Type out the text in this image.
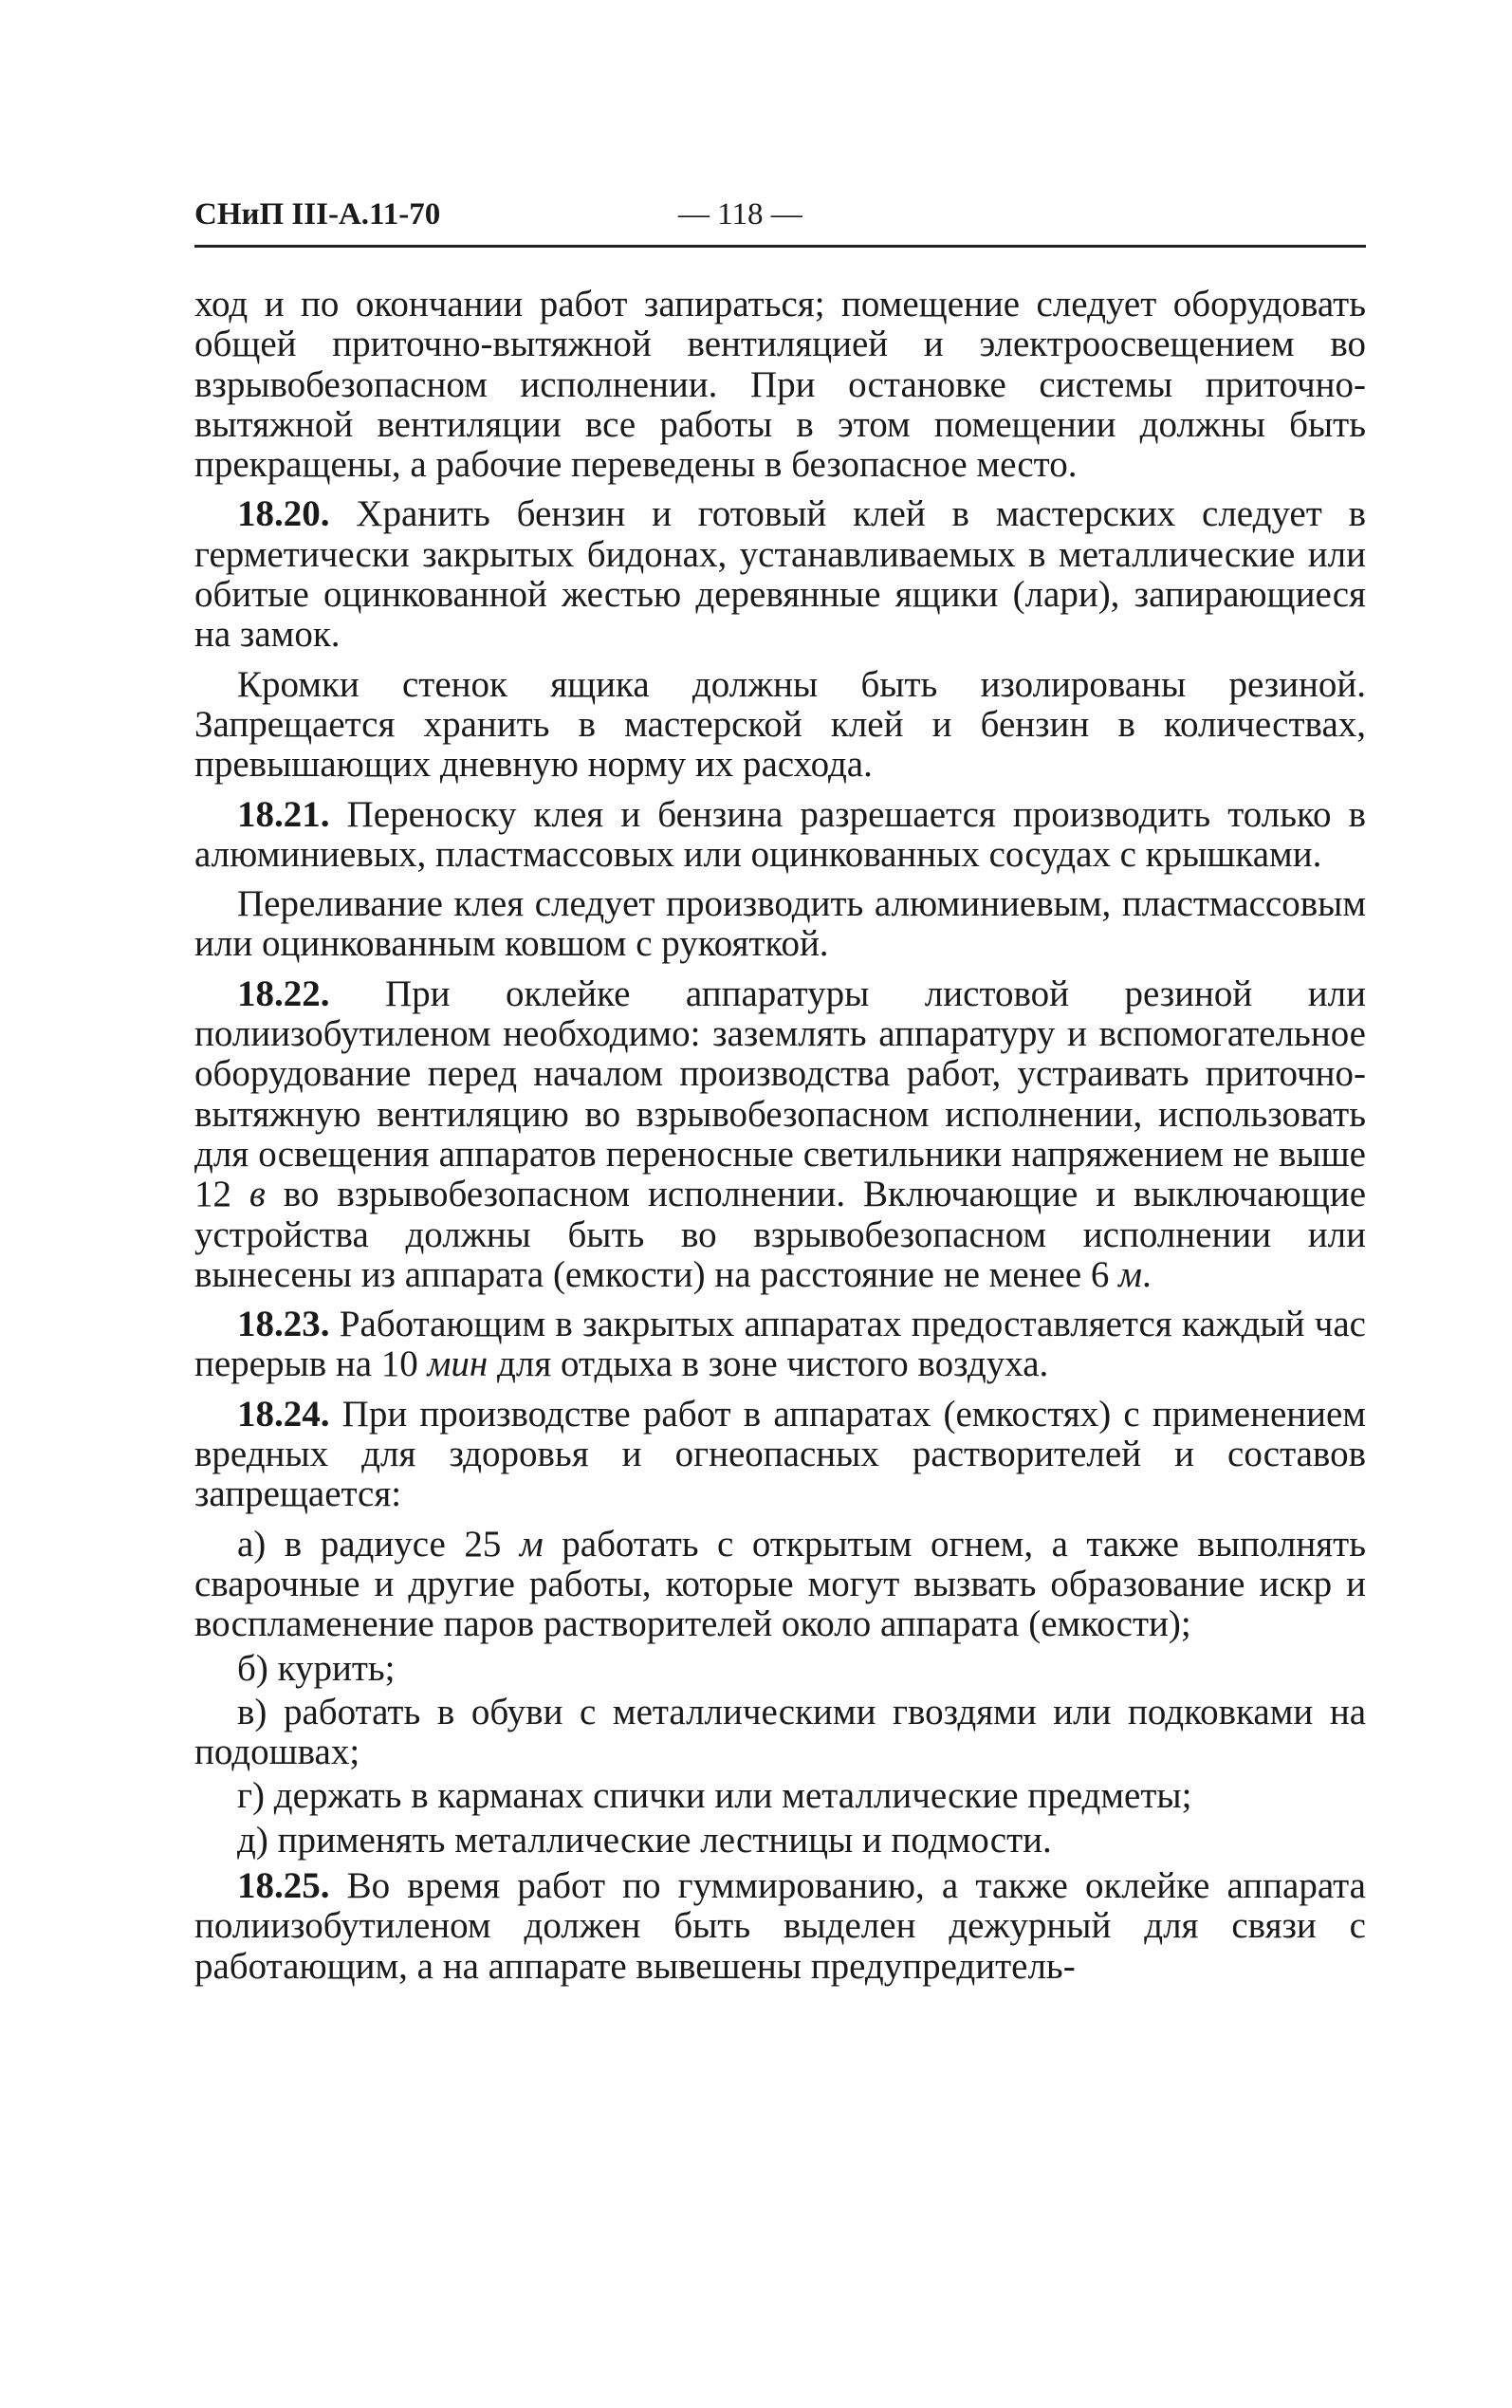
СНиП III-А.11-70	— 118 —

ход и по окончании работ запираться; помещение следует оборудовать общей приточно-вытяжной вентиляцией и электроосвещением во взрывобезопасном исполнении. При остановке системы приточно-вытяжной вентиляции все работы в этом помещении должны быть прекращены, а рабочие переведены в безопасное место.

18.20. Хранить бензин и готовый клей в мастерских следует в герметически закрытых бидонах, устанавливаемых в металлические или обитые оцинкованной жестью деревянные ящики (лари), запирающиеся на замок.

Кромки стенок ящика должны быть изолированы резиной. Запрещается хранить в мастерской клей и бензин в количествах, превышающих дневную норму их расхода.

18.21. Переноску клея и бензина разрешается производить только в алюминиевых, пластмассовых или оцинкованных сосудах с крышками.

Переливание клея следует производить алюминиевым, пластмассовым или оцинкованным ковшом с рукояткой.

18.22. При оклейке аппаратуры листовой резиной или полиизобутиленом необходимо: заземлять аппаратуру и вспомогательное оборудование перед началом производства работ, устраивать приточно-вытяжную вентиляцию во взрывобезопасном исполнении, использовать для освещения аппаратов переносные светильники напряжением не выше 12 в во взрывобезопасном исполнении. Включающие и выключающие устройства должны быть во взрывобезопасном исполнении или вынесены из аппарата (емкости) на расстояние не менее 6 м.

18.23. Работающим в закрытых аппаратах предоставляется каждый час перерыв на 10 мин для отдыха в зоне чистого воздуха.

18.24. При производстве работ в аппаратах (емкостях) с применением вредных для здоровья и огнеопасных растворителей и составов запрещается:

а) в радиусе 25 м работать с открытым огнем, а также выполнять сварочные и другие работы, которые могут вызвать образование искр и воспламенение паров растворителей около аппарата (емкости);

б) курить;

в) работать в обуви с металлическими гвоздями или подковками на подошвах;

г) держать в карманах спички или металлические предметы;

д) применять металлические лестницы и подмости.

18.25. Во время работ по гуммированию, а также оклейке аппарата полиизобутиленом должен быть выделен дежурный для связи с работающим, а на аппарате вывешены предупредитель-
